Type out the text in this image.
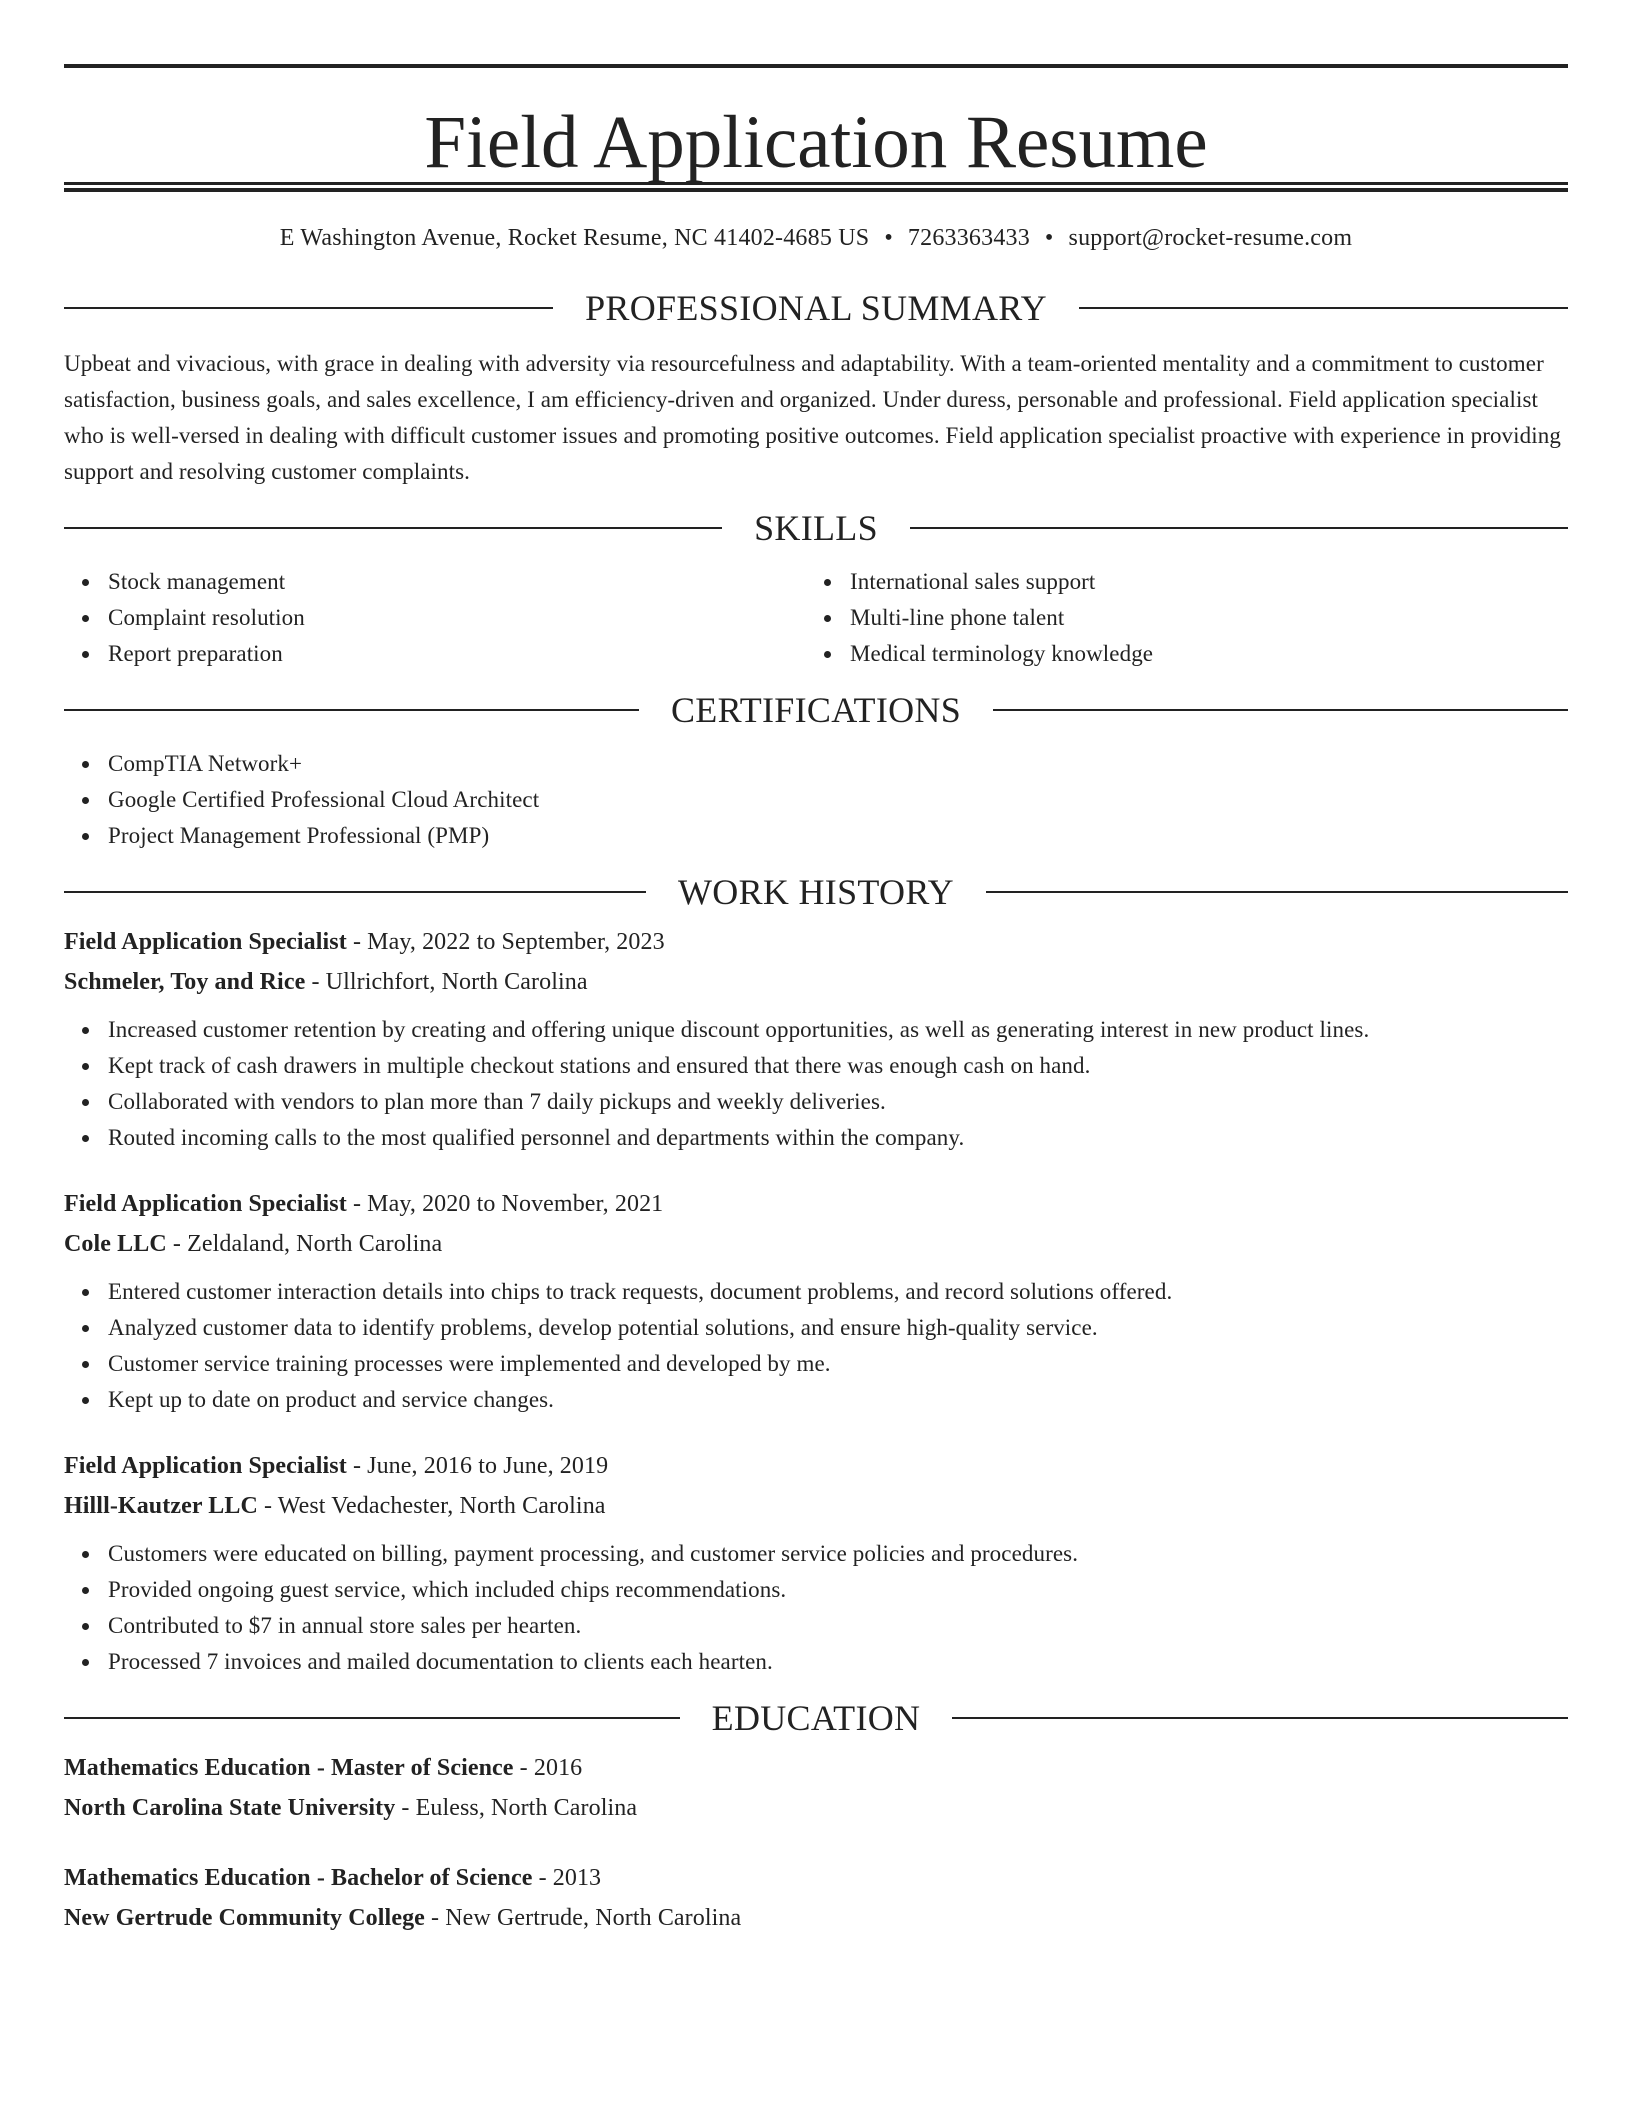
Field Application Resume
E Washington Avenue, Rocket Resume, NC 41402-4685 US • 7263363433 • support@rocket-resume.com
PROFESSIONAL SUMMARY

Upbeat and vivacious, with grace in dealing with adversity via resourcefulness and adaptability. With a team-oriented mentality and a commitment to customer satisfaction, business goals, and sales excellence, I am efficiency-driven and organized. Under duress, personable and professional. Field application specialist who is well-versed in dealing with difficult customer issues and promoting positive outcomes. Field application specialist proactive with experience in providing support and resolving customer complaints.

SKILLS
Stock management
Complaint resolution
Report preparation
International sales support
Multi-line phone talent
Medical terminology knowledge
CERTIFICATIONS
CompTIA Network+
Google Certified Professional Cloud Architect
Project Management Professional (PMP)
WORK HISTORY
Field Application Specialist - May, 2022 to September, 2023
Schmeler, Toy and Rice - Ullrichfort, North Carolina
Increased customer retention by creating and offering unique discount opportunities, as well as generating interest in new product lines.
Kept track of cash drawers in multiple checkout stations and ensured that there was enough cash on hand.
Collaborated with vendors to plan more than 7 daily pickups and weekly deliveries.
Routed incoming calls to the most qualified personnel and departments within the company.
Field Application Specialist - May, 2020 to November, 2021
Cole LLC - Zeldaland, North Carolina
Entered customer interaction details into chips to track requests, document problems, and record solutions offered.
Analyzed customer data to identify problems, develop potential solutions, and ensure high-quality service.
Customer service training processes were implemented and developed by me.
Kept up to date on product and service changes.
Field Application Specialist - June, 2016 to June, 2019
Hilll-Kautzer LLC - West Vedachester, North Carolina
Customers were educated on billing, payment processing, and customer service policies and procedures.
Provided ongoing guest service, which included chips recommendations.
Contributed to $7 in annual store sales per hearten.
Processed 7 invoices and mailed documentation to clients each hearten.
EDUCATION
Mathematics Education - Master of Science - 2016
North Carolina State University - Euless, North Carolina
Mathematics Education - Bachelor of Science - 2013
New Gertrude Community College - New Gertrude, North Carolina
